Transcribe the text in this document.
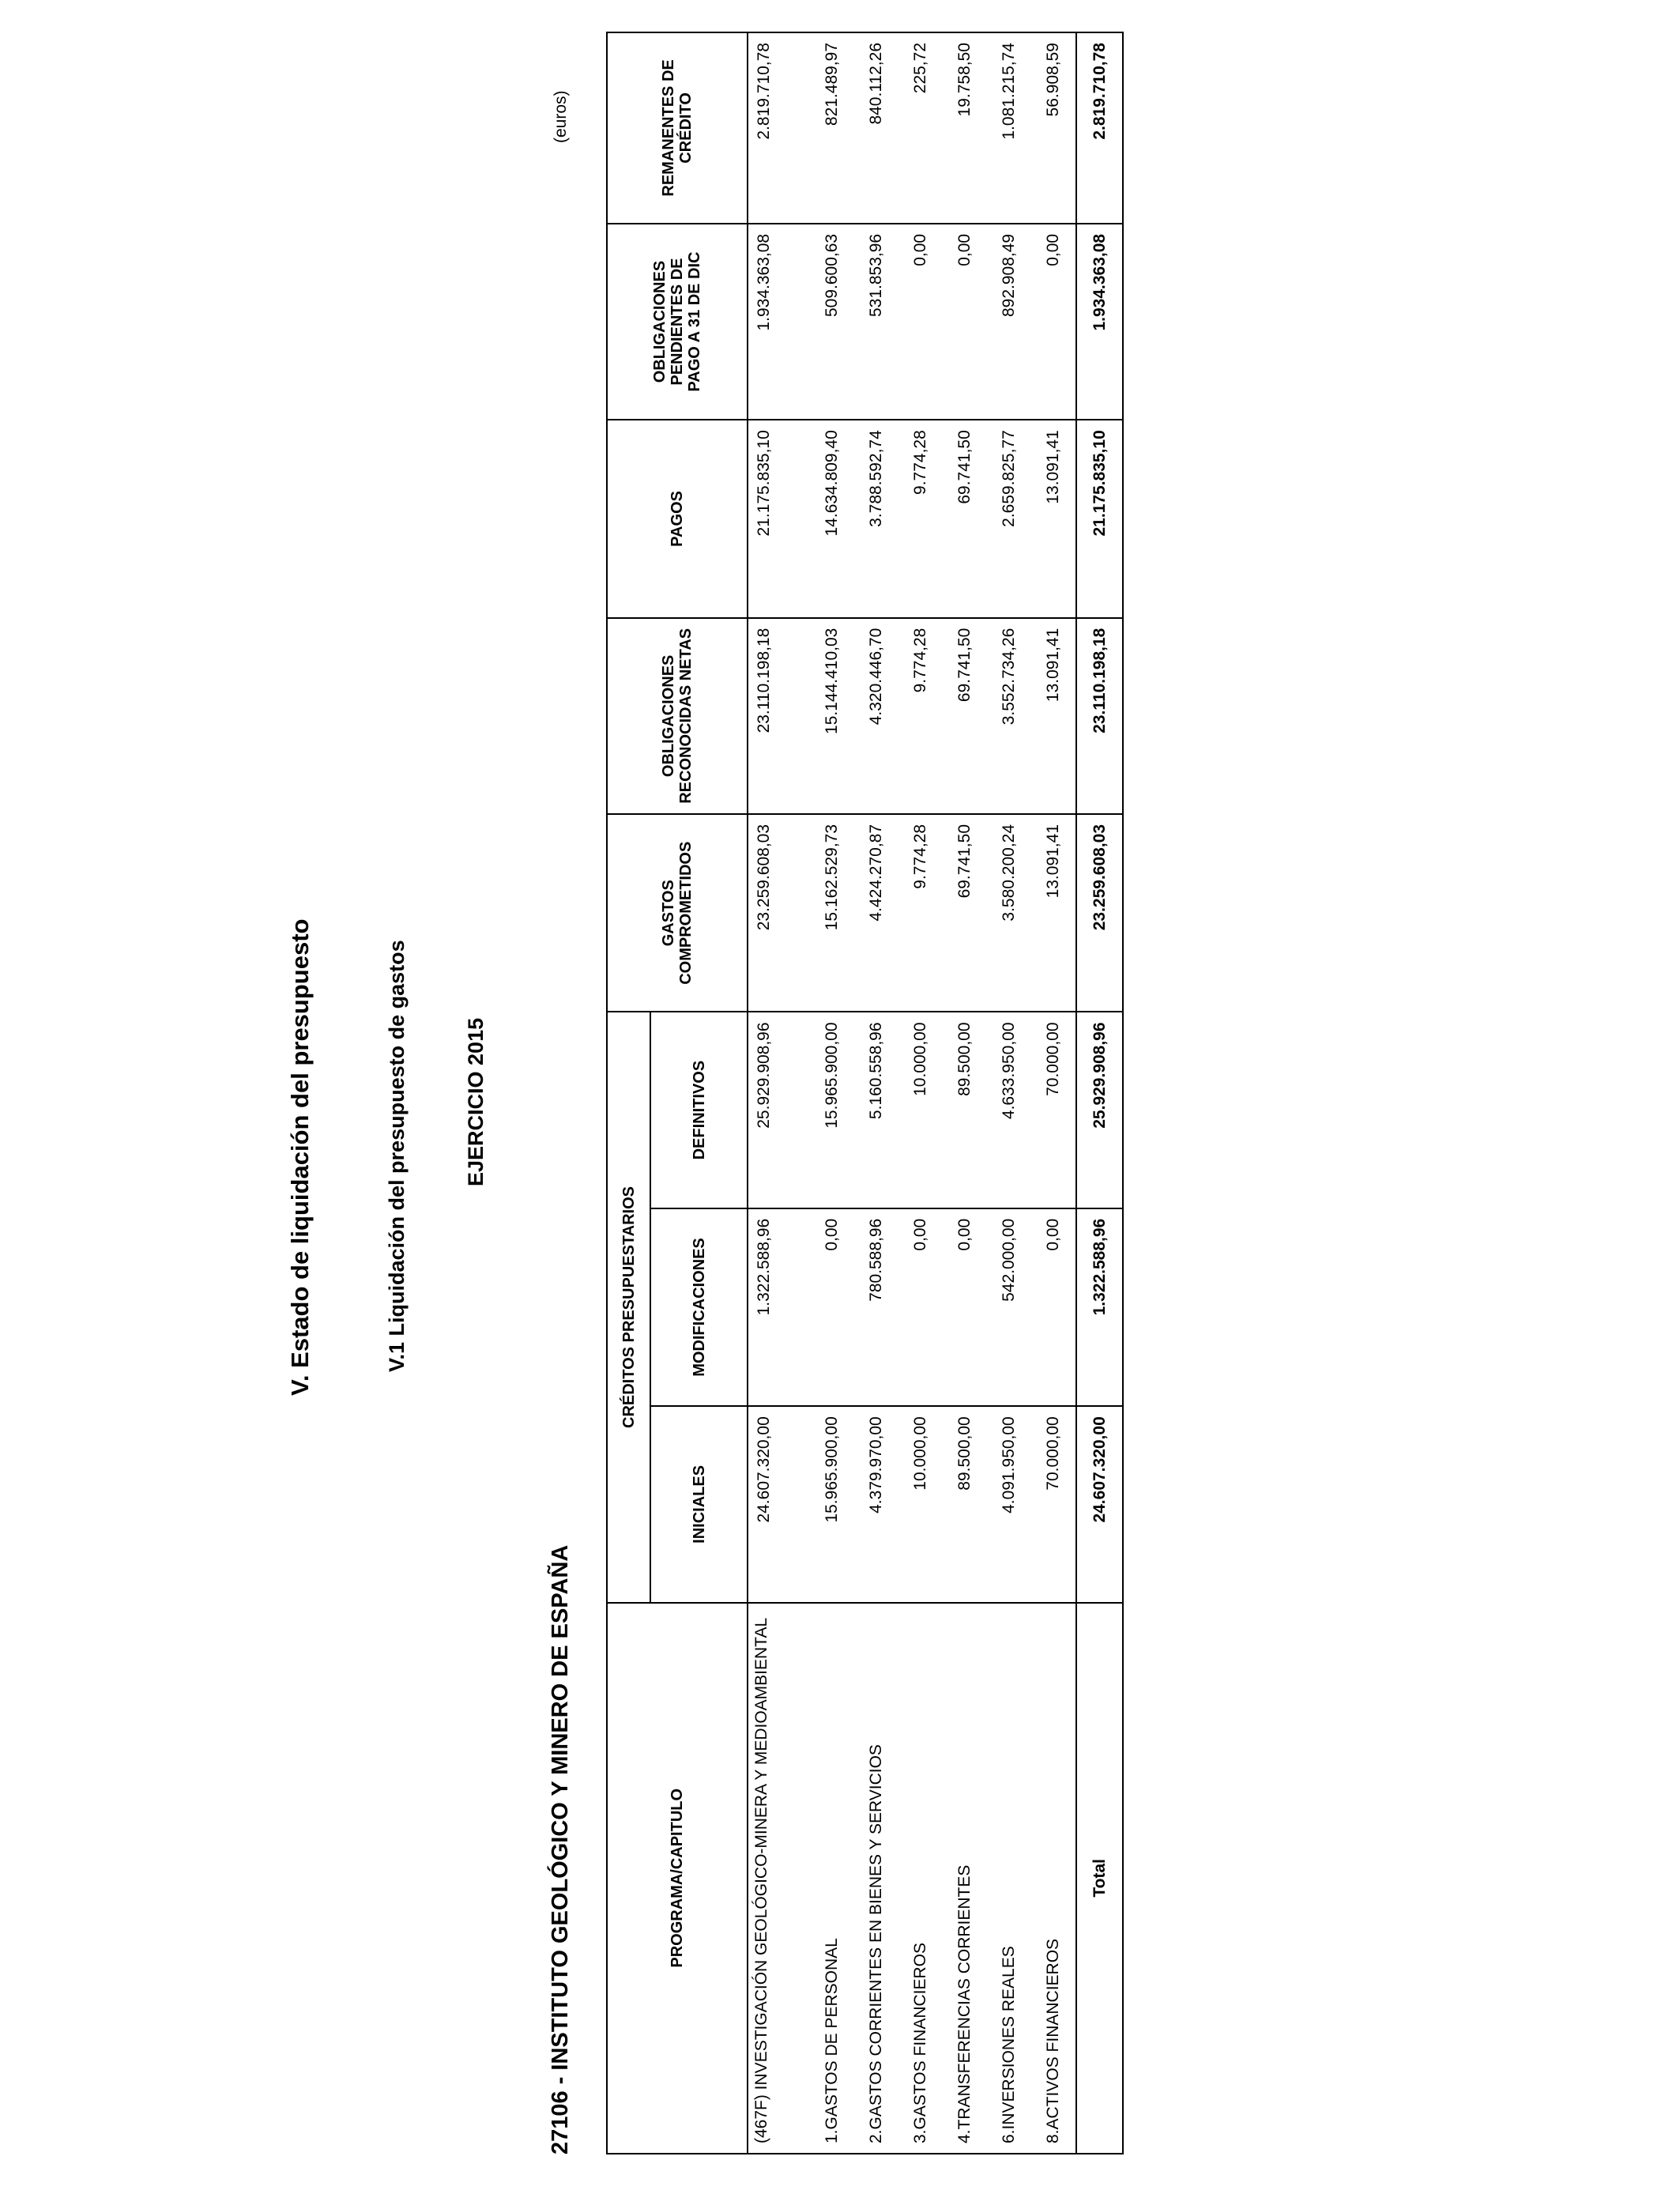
V. Estado de liquidación del presupuesto	V.1 Liquidación del presupuesto de gastos	EJERCICIO 2015
27106 - INSTITUTO GEOLÓGICO Y MINERO DE ESPAÑA
(euros)
PROGRAMA/CAPITULO	CRÉDITOS PRESUPUESTARIOS			GASTOS COMPROMETIDOS	OBLIGACIONES RECONOCIDAS NETAS	PAGOS	OBLIGACIONES PENDIENTES DE PAGO A 31 DE DIC	REMANENTES DE CRÉDITO
	INICIALES	MODIFICACIONES	DEFINITIVOS					
(467F) INVESTIGACIÓN GEOLÓGICO-MINERA Y MEDIOAMBIENTAL	24.607.320,00	1.322.588,96	25.929.908,96	23.259.608,03	23.110.198,18	21.175.835,10	1.934.363,08	2.819.710,78
1.GASTOS DE PERSONAL	15.965.900,00	0,00	15.965.900,00	15.162.529,73	15.144.410,03	14.634.809,40	509.600,63	821.489,97
2.GASTOS CORRIENTES EN BIENES Y SERVICIOS	4.379.970,00	780.588,96	5.160.558,96	4.424.270,87	4.320.446,70	3.788.592,74	531.853,96	840.112,26
3.GASTOS FINANCIEROS	10.000,00	0,00	10.000,00	9.774,28	9.774,28	9.774,28	0,00	225,72
4.TRANSFERENCIAS CORRIENTES	89.500,00	0,00	89.500,00	69.741,50	69.741,50	69.741,50	0,00	19.758,50
6.INVERSIONES REALES	4.091.950,00	542.000,00	4.633.950,00	3.580.200,24	3.552.734,26	2.659.825,77	892.908,49	1.081.215,74
8.ACTIVOS FINANCIEROS	70.000,00	0,00	70.000,00	13.091,41	13.091,41	13.091,41	0,00	56.908,59
Total	24.607.320,00	1.322.588,96	25.929.908,96	23.259.608,03	23.110.198,18	21.175.835,10	1.934.363,08	2.819.710,78
